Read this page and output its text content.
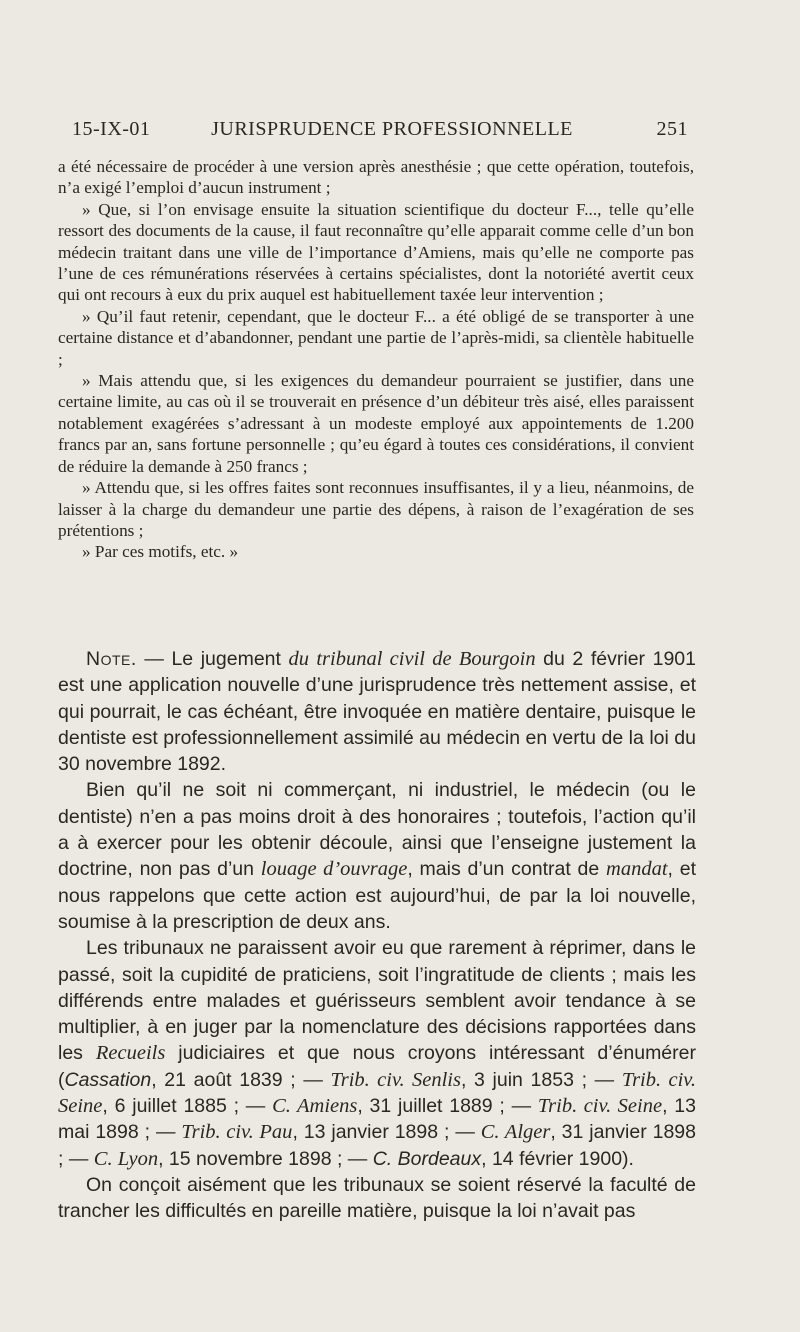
15-IX-01	JURISPRUDENCE PROFESSIONNELLE	251

a été nécessaire de procéder à une version après anesthésie ; que cette opération, toutefois, n’a exigé l’emploi d’aucun instrument ;

» Que, si l’on envisage ensuite la situation scientifique du docteur F..., telle qu’elle ressort des documents de la cause, il faut reconnaître qu’elle apparait comme celle d’un bon médecin traitant dans une ville de l’importance d’Amiens, mais qu’elle ne comporte pas l’une de ces rémunérations réservées à certains spécialistes, dont la notoriété avertit ceux qui ont recours à eux du prix auquel est habituellement taxée leur intervention ;

» Qu’il faut retenir, cependant, que le docteur F... a été obligé de se transporter à une certaine distance et d’abandonner, pendant une partie de l’après-midi, sa clientèle habituelle ;

» Mais attendu que, si les exigences du demandeur pourraient se justifier, dans une certaine limite, au cas où il se trouverait en présence d’un débiteur très aisé, elles paraissent notablement exagérées s’adressant à un modeste employé aux appointements de 1.200 francs par an, sans fortune personnelle ; qu’eu égard à toutes ces considérations, il convient de réduire la demande à 250 francs ;

» Attendu que, si les offres faites sont reconnues insuffisantes, il y a lieu, néanmoins, de laisser à la charge du demandeur une partie des dépens, à raison de l’exagération de ses prétentions ;

» Par ces motifs, etc. »

Note. — Le jugement du tribunal civil de Bourgoin du 2 février 1901 est une application nouvelle d’une jurisprudence très nettement assise, et qui pourrait, le cas échéant, être invoquée en matière dentaire, puisque le dentiste est professionnellement assimilé au médecin en vertu de la loi du 30 novembre 1892.

Bien qu’il ne soit ni commerçant, ni industriel, le médecin (ou le dentiste) n’en a pas moins droit à des honoraires ; toutefois, l’action qu’il a à exercer pour les obtenir découle, ainsi que l’enseigne justement la doctrine, non pas d’un louage d’ouvrage, mais d’un contrat de mandat, et nous rappelons que cette action est aujourd’hui, de par la loi nouvelle, soumise à la prescription de deux ans.

Les tribunaux ne paraissent avoir eu que rarement à réprimer, dans le passé, soit la cupidité de praticiens, soit l’ingratitude de clients ; mais les différends entre malades et guérisseurs semblent avoir tendance à se multiplier, à en juger par la nomenclature des décisions rapportées dans les Recueils judiciaires et que nous croyons intéressant d’énumérer (Cassation, 21 août 1839 ; — Trib. civ. Senlis, 3 juin 1853 ; — Trib. civ. Seine, 6 juillet 1885 ; — C. Amiens, 31 juillet 1889 ; — Trib. civ. Seine, 13 mai 1898 ; — Trib. civ. Pau, 13 janvier 1898 ; — C. Alger, 31 janvier 1898 ; — C. Lyon, 15 novembre 1898 ; — C. Bordeaux, 14 février 1900).

On conçoit aisément que les tribunaux se soient réservé la faculté de trancher les difficultés en pareille matière, puisque la loi n’avait pas
